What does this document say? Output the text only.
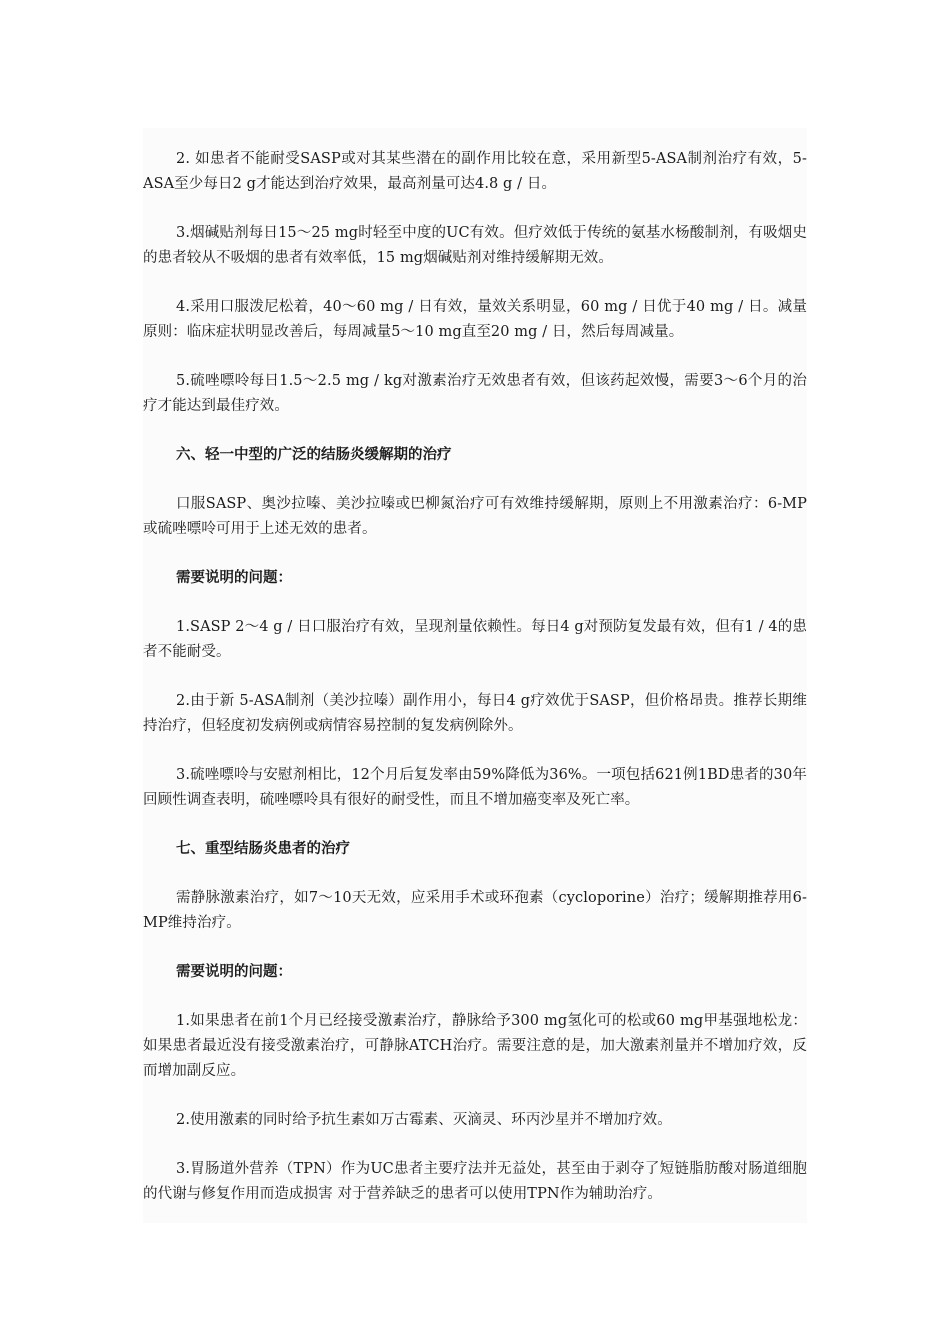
2. 如患者不能耐受SASP或对其某些潜在的副作用比较在意，采用新型5-ASA制剂治疗有效，5-ASA至少每日2 g才能达到治疗效果，最高剂量可达4.8 g / 日。

3.烟碱贴剂每日15～25 mg时轻至中度的UC有效。但疗效低于传统的氨基水杨酸制剂，有吸烟史的患者较从不吸烟的患者有效率低，15 mg烟碱贴剂对维持缓解期无效。

4.采用口服泼尼松着，40～60 mg / 日有效，量效关系明显，60 mg / 日优于40 mg / 日。减量原则：临床症状明显改善后，每周减量5～10 mg直至20 mg / 日，然后每周减量。

5.硫唑嘌呤每日1.5～2.5 mg / kg对激素治疗无效患者有效，但该药起效慢，需要3～6个月的治疗才能达到最佳疗效。

六、轻一中型的广泛的结肠炎缓解期的治疗

口服SASP、奥沙拉嗪、美沙拉嗪或巴柳氮治疗可有效维持缓解期，原则上不用激素治疗：6-MP或硫唑嘌呤可用于上述无效的患者。

需要说明的问题：

1.SASP 2～4 g / 日口服治疗有效，呈现剂量依赖性。每日4 g对预防复发最有效，但有1 / 4的患者不能耐受。

2.由于新 5-ASA制剂（美沙拉嗪）副作用小，每日4 g疗效优于SASP，但价格昂贵。推荐长期维持治疗，但轻度初发病例或病情容易控制的复发病例除外。

3.硫唑嘌呤与安慰剂相比，12个月后复发率由59%降低为36%。一项包括621例1BD患者的30年回顾性调查表明，硫唑嘌呤具有很好的耐受性，而且不增加癌变率及死亡率。

七、重型结肠炎患者的治疗

需静脉激素治疗，如7～10天无效，应采用手术或环孢素（cycloporine）治疗；缓解期推荐用6-MP维持治疗。

需要说明的问题：

1.如果患者在前1个月已经接受激素治疗，静脉给予300 mg氢化可的松或60 mg甲基强地松龙：如果患者最近没有接受激素治疗，可静脉ATCH治疗。需要注意的是，加大激素剂量并不增加疗效，反而增加副反应。

2.使用激素的同时给予抗生素如万古霉素、灭滴灵、环丙沙星并不增加疗效。

3.胃肠道外营养（TPN）作为UC患者主要疗法并无益处，甚至由于剥夺了短链脂肪酸对肠道细胞的代谢与修复作用而造成损害 对于营养缺乏的患者可以使用TPN作为辅助治疗。
